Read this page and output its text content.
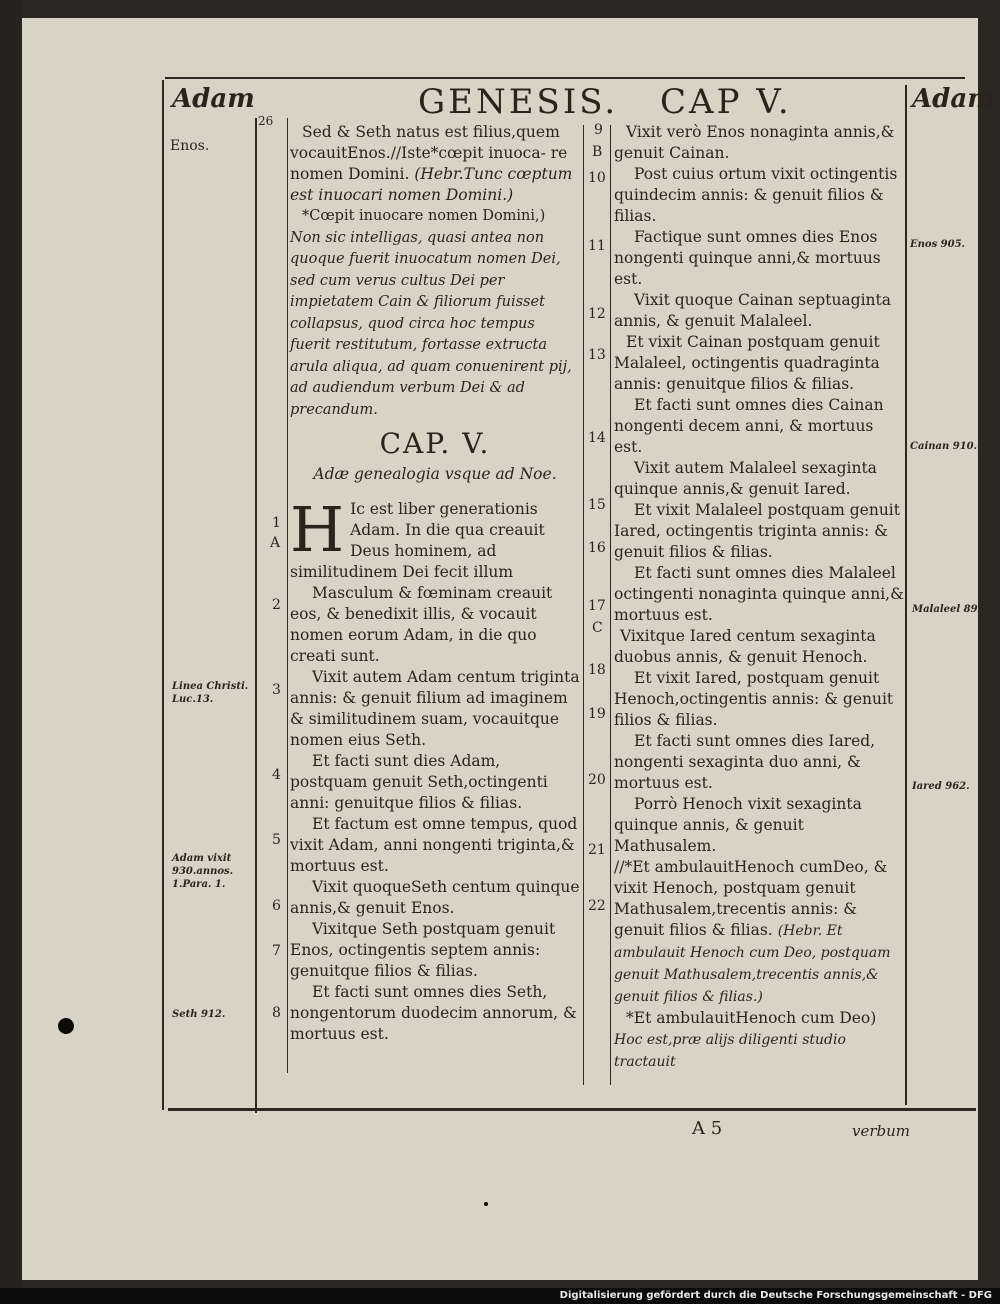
Adam	GENESIS. CAP V.	Adam
Enos.
Linea Christi. Luc.13.
Adam vixit 930.annos. 1.Para. 1.
Seth 912.
Enos 905.
Cainan 910.
Malaleel 895.
Iared 962.
26
1
A
2
3
4
5
6
7
8

Sed & Seth natus est filius,quem vocauitEnos.//Iste*cœpit inuoca- re nomen Domini. (Hebr.Tunc cœptum est inuocari nomen Domini.)

*Cœpit inuocare nomen Domini,) Non sic intelligas, quasi antea non quoque fuerit inuocatum nomen Dei, sed cum verus cultus Dei per impietatem Cain & filiorum fuisset collapsus, quod circa hoc tempus fuerit restitutum, fortasse extructa arula aliqua, ad quam conuenirent pij, ad audiendum verbum Dei & ad precandum.

CAP. V.
Adæ genealogia vsque ad Noe.

H Ic est liber generationis Adam. In die qua creauit Deus hominem, ad similitudinem Dei fecit illum

Masculum & fœminam creauit eos, & benedixit illis, & vocauit nomen eorum Adam, in die quo creati sunt.

Vixit autem Adam centum triginta annis: & genuit filium ad imaginem & similitudinem suam, vocauitque nomen eius Seth.

Et facti sunt dies Adam, postquam genuit Seth,octingenti anni: genuitque filios & filias.

Et factum est omne tempus, quod vixit Adam, anni nongenti triginta,& mortuus est.

Vixit quoqueSeth centum quinque annis,& genuit Enos.

Vixitque Seth postquam genuit Enos, octingentis septem annis: genuitque filios & filias.

Et facti sunt omnes dies Seth, nongentorum duodecim annorum, & mortuus est.

9
B
10
11
12
13
14
15
16
17
C
18
19
20
21
22

Vixit verò Enos nonaginta annis,& genuit Cainan.

Post cuius ortum vixit octingentis quindecim annis: & genuit filios & filias.

Factique sunt omnes dies Enos nongenti quinque anni,& mortuus est.

Vixit quoque Cainan septuaginta annis, & genuit Malaleel.

Et vixit Cainan postquam genuit Malaleel, octingentis quadraginta annis: genuitque filios & filias.

Et facti sunt omnes dies Cainan nongenti decem anni, & mortuus est.

Vixit autem Malaleel sexaginta quinque annis,& genuit Iared.

Et vixit Malaleel postquam genuit Iared, octingentis triginta annis: & genuit filios & filias.

Et facti sunt omnes dies Malaleel octingenti nonaginta quinque anni,& mortuus est.

Vixitque Iared centum sexaginta duobus annis, & genuit Henoch.

Et vixit Iared, postquam genuit Henoch,octingentis annis: & genuit filios & filias.

Et facti sunt omnes dies Iared, nongenti sexaginta duo anni, & mortuus est.

Porrò Henoch vixit sexaginta quinque annis, & genuit Mathusalem.

//*Et ambulauitHenoch cumDeo, & vixit Henoch, postquam genuit Mathusalem,trecentis annis: & genuit filios & filias. (Hebr. Et ambulauit Henoch cum Deo, postquam genuit Mathusalem,trecentis annis,& genuit filios & filias.)

*Et ambulauitHenoch cum Deo) Hoc est,præ alijs diligenti studio tractauit

A 5	verbum
Digitalisierung gefördert durch die Deutsche Forschungsgemeinschaft - DFG
